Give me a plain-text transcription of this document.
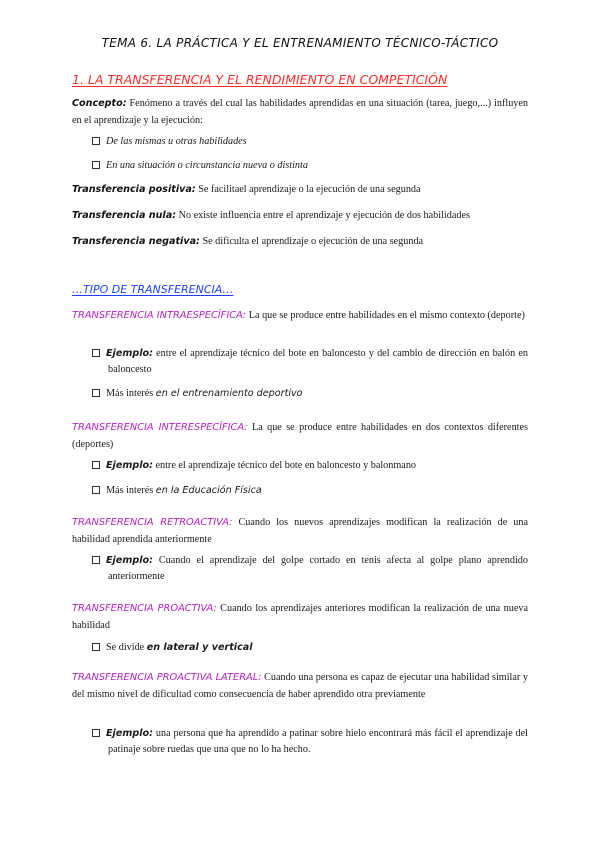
TEMA 6. LA PRÁCTICA Y EL ENTRENAMIENTO TÉCNICO-TÁCTICO
1. LA TRANSFERENCIA Y EL RENDIMIENTO EN COMPETICIÓN
Concepto: Fenómeno a través del cual las habilidades aprendidas en una situación (tarea, juego,...) influyen en el aprendizaje y la ejecución:
De las mismas u otras habilidades
En una situación o circunstancia nueva o distinta
Transferencia positiva: Se facilitael aprendizaje o la ejecución de una segunda
Transferencia nula: No existe influencia entre el aprendizaje y ejecución de dos habilidades
Transferencia negativa: Se dificulta el aprendizaje o ejecución de una segunda
…TIPO DE TRANSFERENCIA…
TRANSFERENCIA INTRAESPECÍFICA: La que se produce entre habilidades en el mismo contexto (deporte)
Ejemplo: entre el aprendizaje técnico del bote en baloncesto y del cambio de dirección en balón en baloncesto
Más interés en el entrenamiento deportivo
TRANSFERENCIA INTERESPECÍFICA: La que se produce entre habilidades en dos contextos diferentes (deportes)
Ejemplo: entre el aprendizaje técnico del bote en baloncesto y balonmano
Más interés en la Educación Física
TRANSFERENCIA RETROACTIVA: Cuando los nuevos aprendizajes modifican la realización de una habilidad aprendida anteriormente
Ejemplo: Cuando el aprendizaje del golpe cortado en tenis afecta al golpe plano aprendido anteriormente
TRANSFERENCIA PROACTIVA: Cuando los aprendizajes anteriores modifican la realización de una nueva habilidad
Se divide en lateral y vertical
TRANSFERENCIA PROACTIVA LATERAL: Cuando una persona es capaz de ejecutar una habilidad similar y del mismo nivel de dificultad como consecuencia de haber aprendido otra previamente
Ejemplo: una persona que ha aprendido a patinar sobre hielo encontrará más fácil el aprendizaje del patinaje sobre ruedas que una que no lo ha hecho.
